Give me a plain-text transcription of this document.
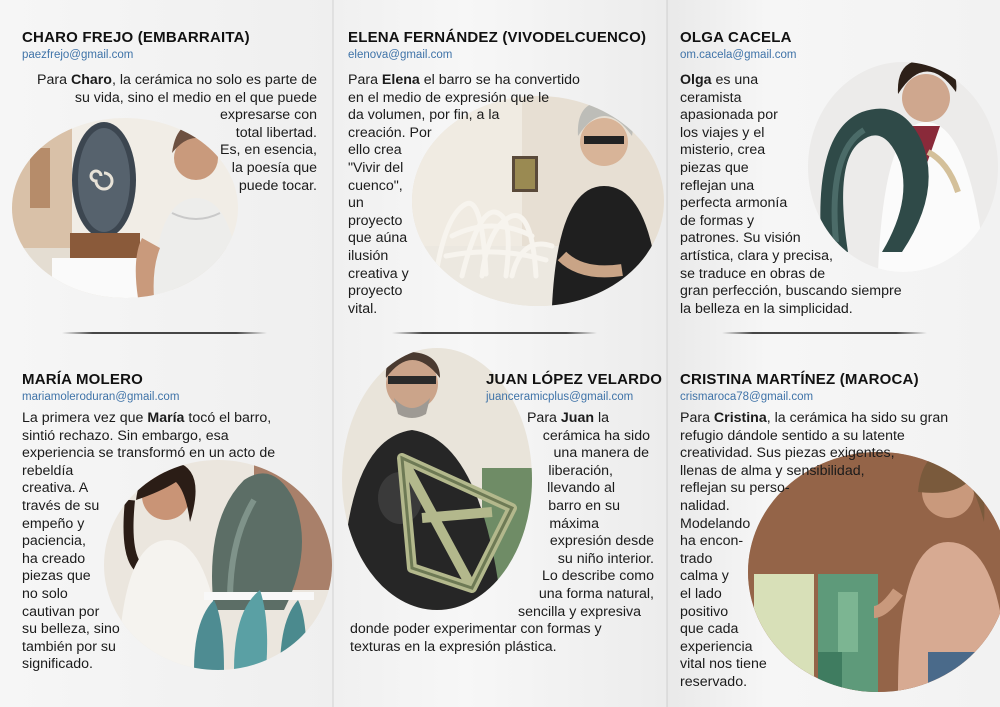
CHARO FREJO (EMBARRAITA)
paezfrejo@gmail.com
Para Charo, la cerámica no solo es parte de
su vida, sino el medio en el que puede
expresarse con
total libertad.
Es, en esencia,
la poesía que
puede tocar.
ELENA FERNÁNDEZ (VIVODELCUENCO)
elenova@gmail.com
Para Elena el barro se ha convertido
en el medio de expresión que le
da volumen, por fin, a la
creación. Por
ello crea
"Vivir del
cuenco",
un
proyecto
que aúna
ilusión
creativa y
proyecto
vital.
OLGA CACELA
om.cacela@gmail.com
Olga es una
ceramista
apasionada por
los viajes y el
misterio, crea
piezas que
reflejan una
perfecta armonía
de formas y
patrones. Su visión
artística, clara y precisa,
se traduce en obras de
gran perfección, buscando siempre
la belleza en la simplicidad.
MARÍA MOLERO
mariamoleroduran@gmail.com
La primera vez que María tocó el barro,
sintió rechazo. Sin embargo, esa
experiencia se transformó en un acto de
rebeldía
creativa. A
través de su
empeño y
paciencia,
ha creado
piezas que
no solo
cautivan por
su belleza, sino
también por su
significado.
JUAN LÓPEZ VELARDO
juanceramicplus@gmail.com
Para Juan la
cerámica ha sido
una manera de
liberación,
llevando al
barro en su
máxima
expresión desde
su niño interior.
Lo describe como
una forma natural,
sencilla y expresiva
donde poder experimentar con formas y
texturas en la expresión plástica.
CRISTINA MARTÍNEZ (MAROCA)
crismaroca78@gmail.com
Para Cristina, la cerámica ha sido su gran
refugio dándole sentido a su latente
creatividad. Sus piezas exigentes,
llenas de alma y sensibilidad,
reflejan su perso-
nalidad.
Modelando
ha encon-
trado
calma y
el lado
positivo
que cada
experiencia
vital nos tiene
reservado.
